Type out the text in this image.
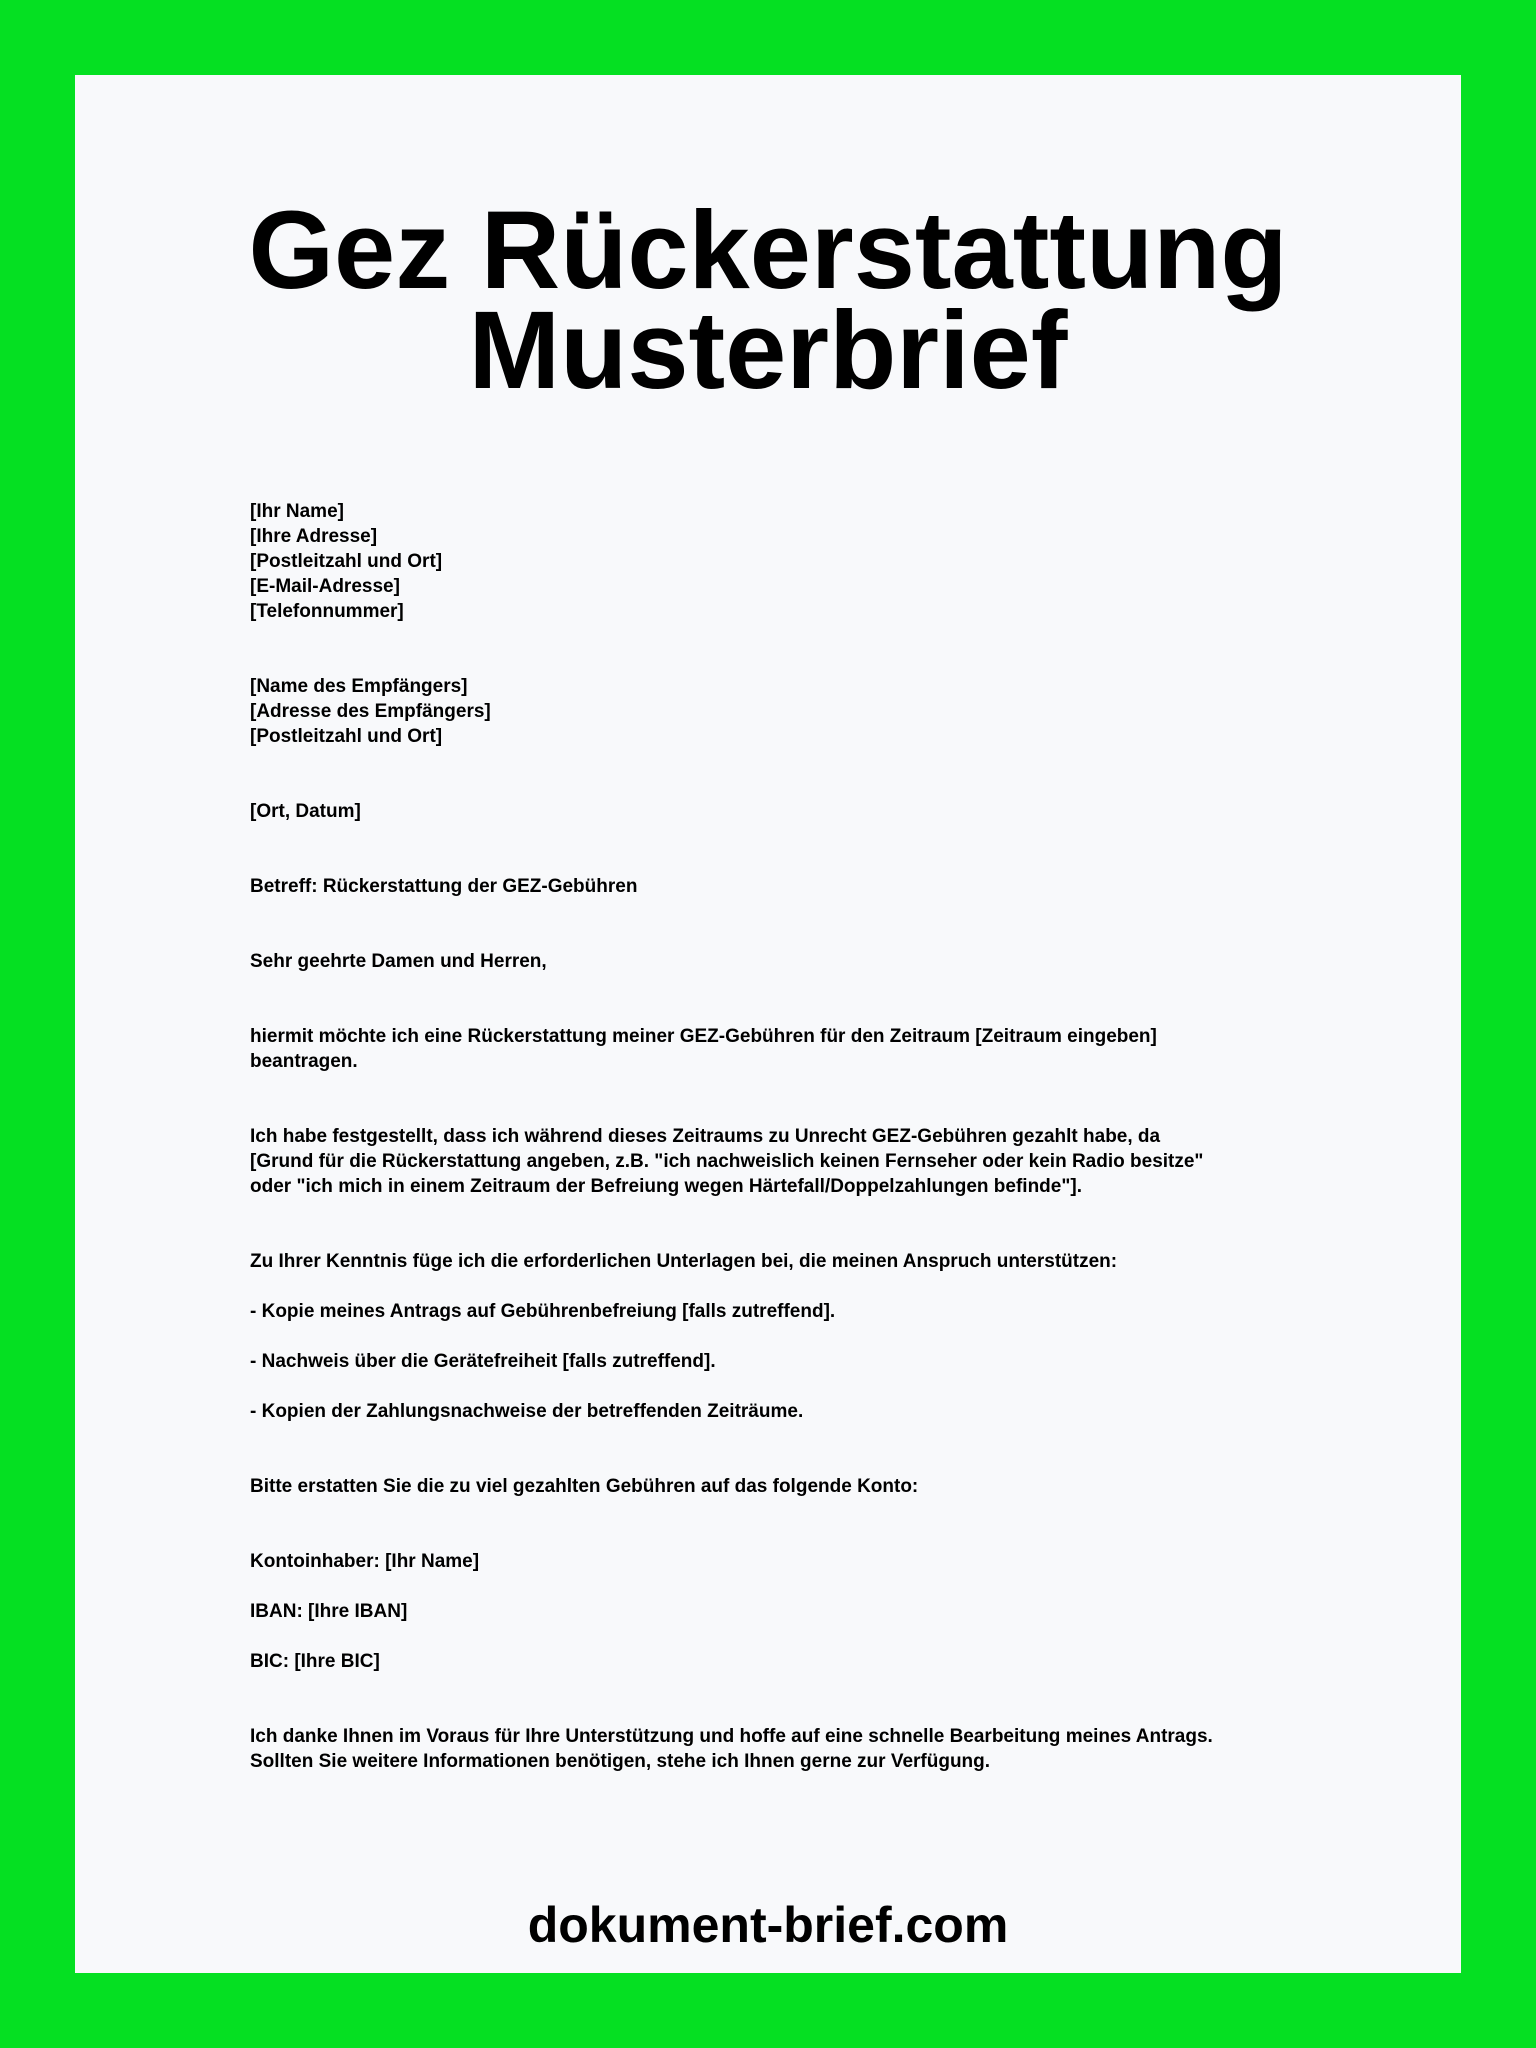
Gez Rückerstattung
Musterbrief
[Ihr Name]
[Ihre Adresse]
[Postleitzahl und Ort]
[E-Mail-Adresse]
[Telefonnummer]
[Name des Empfängers]
[Adresse des Empfängers]
[Postleitzahl und Ort]

[Ort, Datum]

Betreff: Rückerstattung der GEZ-Gebühren

Sehr geehrte Damen und Herren,

hiermit möchte ich eine Rückerstattung meiner GEZ-Gebühren für den Zeitraum [Zeitraum eingeben]
beantragen.
Ich habe festgestellt, dass ich während dieses Zeitraums zu Unrecht GEZ-Gebühren gezahlt habe, da
[Grund für die Rückerstattung angeben, z.B. "ich nachweislich keinen Fernseher oder kein Radio besitze"
oder "ich mich in einem Zeitraum der Befreiung wegen Härtefall/Doppelzahlungen befinde"].

Zu Ihrer Kenntnis füge ich die erforderlichen Unterlagen bei, die meinen Anspruch unterstützen:

- Kopie meines Antrags auf Gebührenbefreiung [falls zutreffend].

- Nachweis über die Gerätefreiheit [falls zutreffend].

- Kopien der Zahlungsnachweise der betreffenden Zeiträume.

Bitte erstatten Sie die zu viel gezahlten Gebühren auf das folgende Konto:

Kontoinhaber: [Ihr Name]

IBAN: [Ihre IBAN]

BIC: [Ihre BIC]

Ich danke Ihnen im Voraus für Ihre Unterstützung und hoffe auf eine schnelle Bearbeitung meines Antrags.
Sollten Sie weitere Informationen benötigen, stehe ich Ihnen gerne zur Verfügung.
dokument-brief.com
